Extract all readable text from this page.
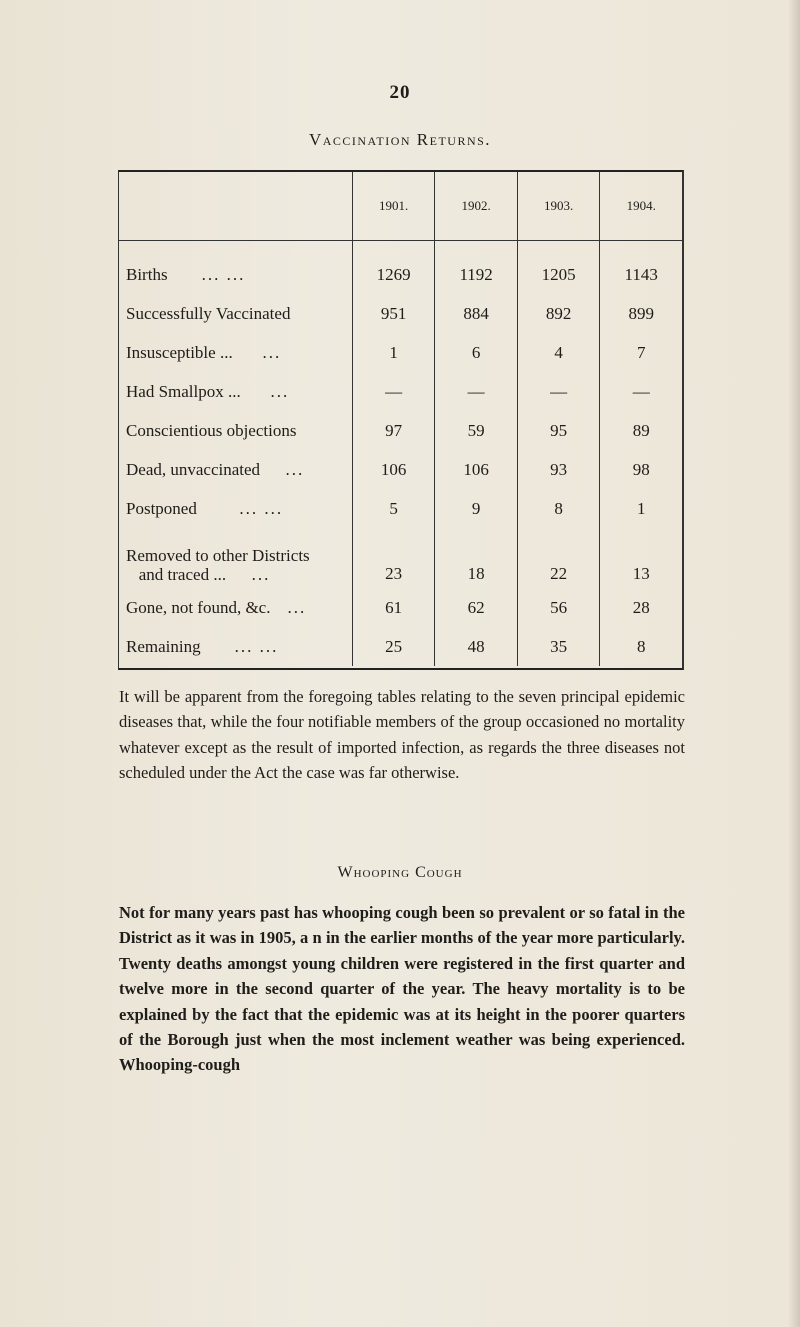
20
Vaccination Returns.
	1901.	1902.	1903.	1904.
Births ... ...	1269	1192	1205	1143
Successfully Vaccinated	951	884	892	899
Insusceptible ... ...	1	6	4	7
Had Smallpox ... ...	—	—	—	—
Conscientious objections	97	59	95	89
Dead, unvaccinated ...	106	106	93	98
Postponed ... ...	5	9	8	1
Removed to other Districts
and traced ... ...	23	18	22	13
Gone, not found, &c. ...	61	62	56	28
Remaining ... ...	25	48	35	8
It will be apparent from the foregoing tables relating to the seven principal epidemic diseases that, while the four notifiable members of the group occasioned no mortality whatever except as the result of imported infection, as regards the three diseases not scheduled under the Act the case was far otherwise.
Whooping Cough
Not for many years past has whooping cough been so prevalent or so fatal in the District as it was in 1905, a n in the earlier months of the year more particularly. Twenty deaths amongst young children were registered in the first quarter and twelve more in the second quarter of the year. The heavy mortality is to be explained by the fact that the epidemic was at its height in the poorer quarters of the Borough just when the most inclement weather was being experienced. Whooping-cough
